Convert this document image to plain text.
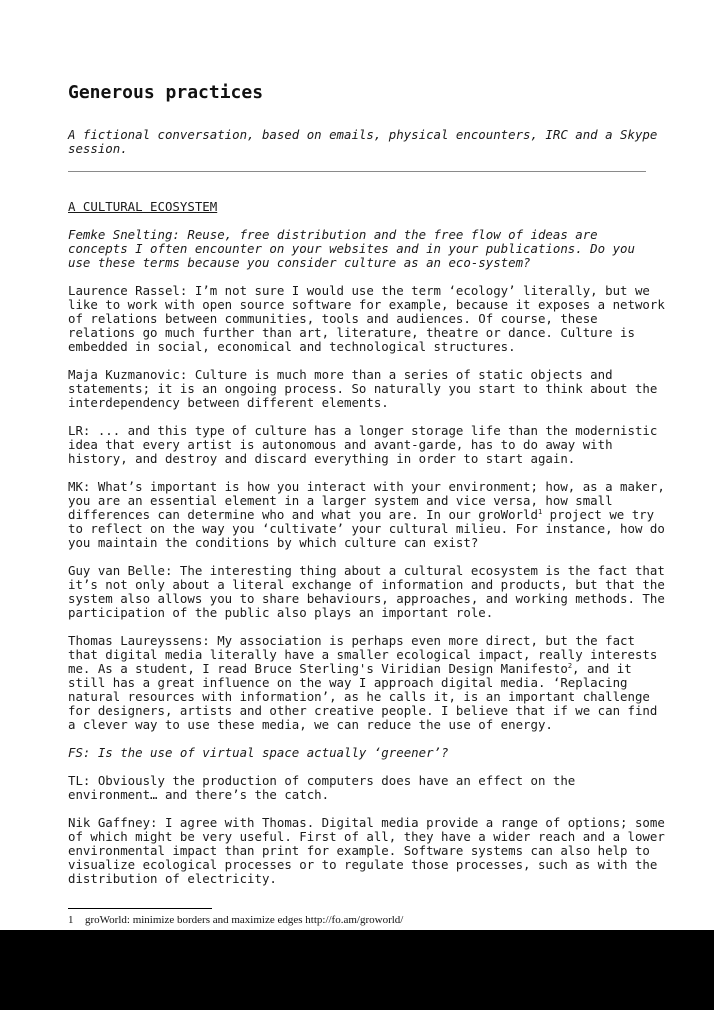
Generous practices

A fictional conversation, based on emails, physical encounters, IRC and a Skype
session.

A CULTURAL ECOSYSTEM

Femke Snelting: Reuse, free distribution and the free flow of ideas are
concepts I often encounter on your websites and in your publications. Do you
use these terms because you consider culture as an eco-system?

Laurence Rassel: I’m not sure I would use the term ‘ecology’ literally, but we
like to work with open source software for example, because it exposes a network
of relations between communities, tools and audiences. Of course, these
relations go much further than art, literature, theatre or dance. Culture is
embedded in social, economical and technological structures.

Maja Kuzmanovic: Culture is much more than a series of static objects and
statements; it is an ongoing process. So naturally you start to think about the
interdependency between different elements.

LR: ... and this type of culture has a longer storage life than the modernistic
idea that every artist is autonomous and avant-garde, has to do away with
history, and destroy and discard everything in order to start again.

MK: What’s important is how you interact with your environment; how, as a maker,
you are an essential element in a larger system and vice versa, how small
differences can determine who and what you are. In our groWorld$^1$ project we try
to reflect on the way you ‘cultivate’ your cultural milieu. For instance, how do
you maintain the conditions by which culture can exist?

Guy van Belle: The interesting thing about a cultural ecosystem is the fact that
it’s not only about a literal exchange of information and products, but that the
system also allows you to share behaviours, approaches, and working methods. The
participation of the public also plays an important role.

Thomas Laureyssens: My association is perhaps even more direct, but the fact
that digital media literally have a smaller ecological impact, really interests
me. As a student, I read Bruce Sterling's Viridian Design Manifesto$^2$, and it
still has a great influence on the way I approach digital media. ‘Replacing
natural resources with information’, as he calls it, is an important challenge
for designers, artists and other creative people. I believe that if we can find
a clever way to use these media, we can reduce the use of energy.

FS: Is the use of virtual space actually ‘greener’?

TL: Obviously the production of computers does have an effect on the
environment… and there’s the catch.

Nik Gaffney: I agree with Thomas. Digital media provide a range of options; some
of which might be very useful. First of all, they have a wider reach and a lower
environmental impact than print for example. Software systems can also help to
visualize ecological processes or to regulate those processes, such as with the
distribution of electricity.

1 groWorld: minimize borders and maximize edges http://fo.am/groworld/
